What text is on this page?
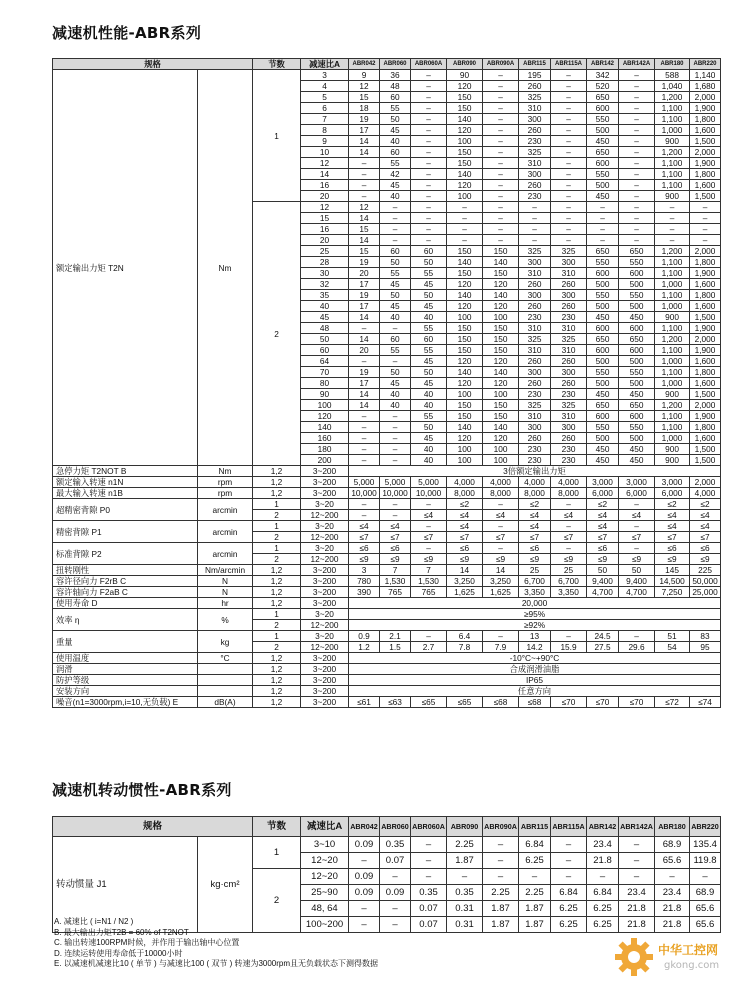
减速机性能-ABR系列
规格		节数	减速比A	ABR042	ABR060	ABR060A	ABR090	ABR090A	ABR115	ABR115A	ABR142	ABR142A	ABR180	ABR220
额定输出力矩 T2N	Nm	1	3	9	36	–	90	–	195	–	342	–	588	1,140
			4	12	48	–	120	–	260	–	520	–	1,040	1,680
			5	15	60	–	150	–	325	–	650	–	1,200	2,000
			6	18	55	–	150	–	310	–	600	–	1,100	1,900
			7	19	50	–	140	–	300	–	550	–	1,100	1,800
			8	17	45	–	120	–	260	–	500	–	1,000	1,600
			9	14	40	–	100	–	230	–	450	–	900	1,500
			10	14	60	–	150	–	325	–	650	–	1,200	2,000
			12	–	55	–	150	–	310	–	600	–	1,100	1,900
			14	–	42	–	140	–	300	–	550	–	1,100	1,800
			16	–	45	–	120	–	260	–	500	–	1,100	1,600
			20	–	40	–	100	–	230	–	450	–	900	1,500
		2	12	12	–	–	–	–	–	–	–	–	–	–
			15	14	–	–	–	–	–	–	–	–	–	–
			16	15	–	–	–	–	–	–	–	–	–	–
			20	14	–	–	–	–	–	–	–	–	–	–
			25	15	60	60	150	150	325	325	650	650	1,200	2,000
			28	19	50	50	140	140	300	300	550	550	1,100	1,800
			30	20	55	55	150	150	310	310	600	600	1,100	1,900
			32	17	45	45	120	120	260	260	500	500	1,000	1,600
			35	19	50	50	140	140	300	300	550	550	1,100	1,800
			40	17	45	45	120	120	260	260	500	500	1,000	1,600
			45	14	40	40	100	100	230	230	450	450	900	1,500
			48	–	–	55	150	150	310	310	600	600	1,100	1,900
			50	14	60	60	150	150	325	325	650	650	1,200	2,000
			60	20	55	55	150	150	310	310	600	600	1,100	1,900
			64	–	–	45	120	120	260	260	500	500	1,000	1,600
			70	19	50	50	140	140	300	300	550	550	1,100	1,800
			80	17	45	45	120	120	260	260	500	500	1,000	1,600
			90	14	40	40	100	100	230	230	450	450	900	1,500
			100	14	40	40	150	150	325	325	650	650	1,200	2,000
			120	–	–	55	150	150	310	310	600	600	1,100	1,900
			140	–	–	50	140	140	300	300	550	550	1,100	1,800
			160	–	–	45	120	120	260	260	500	500	1,000	1,600
			180	–	–	40	100	100	230	230	450	450	900	1,500
			200	–	–	40	100	100	230	230	450	450	900	1,500
急停力矩 T2NOT B	Nm	1,2	3~200	3倍额定输出力矩										
额定输入转速 n1N	rpm	1,2	3~200	5,000	5,000	5,000	4,000	4,000	4,000	4,000	3,000	3,000	3,000	2,000
最大输入转速 n1B	rpm	1,2	3~200	10,000	10,000	10,000	8,000	8,000	8,000	8,000	6,000	6,000	6,000	4,000
超精密背隙 P0	arcmin	1	3~20	–	–	–	≤2	–	≤2	–	≤2	–	≤2	≤2
		2	12~200	–	–	≤4	≤4	≤4	≤4	≤4	≤4	≤4	≤4	≤4
精密背隙 P1	arcmin	1	3~20	≤4	≤4	–	≤4	–	≤4	–	≤4	–	≤4	≤4
		2	12~200	≤7	≤7	≤7	≤7	≤7	≤7	≤7	≤7	≤7	≤7	≤7
标准背隙 P2	arcmin	1	3~20	≤6	≤6	–	≤6	–	≤6	–	≤6	–	≤6	≤6
		2	12~200	≤9	≤9	≤9	≤9	≤9	≤9	≤9	≤9	≤9	≤9	≤9
扭转刚性	Nm/arcmin	1,2	3~200	3	7	7	14	14	25	25	50	50	145	225
容许径向力 F2rB C	N	1,2	3~200	780	1,530	1,530	3,250	3,250	6,700	6,700	9,400	9,400	14,500	50,000
容许轴向力 F2aB C	N	1,2	3~200	390	765	765	1,625	1,625	3,350	3,350	4,700	4,700	7,250	25,000
使用寿命 D	hr	1,2	3~200	20,000										
效率 η	%	1	3~20	≥95%										
		2	12~200	≥92%										
重量	kg	1	3~20	0.9	2.1	–	6.4	–	13	–	24.5	–	51	83
		2	12~200	1.2	1.5	2.7	7.8	7.9	14.2	15.9	27.5	29.6	54	95
使用温度	°C	1,2	3~200	-10°C~+90°C										
润滑		1,2	3~200	合成润滑油脂										
防护等级		1,2	3~200	IP65										
安装方向		1,2	3~200	任意方向										
噪音(n1=3000rpm,i=10,无负载) E	dB(A)	1,2	3~200	≤61	≤63	≤65	≤65	≤68	≤68	≤70	≤70	≤70	≤72	≤74
减速机转动惯性-ABR系列
规格		节数	减速比A	ABR042	ABR060	ABR060A	ABR090	ABR090A	ABR115	ABR115A	ABR142	ABR142A	ABR180	ABR220
转动惯量 J1	kg·cm²	1	3~10	0.09	0.35	–	2.25	–	6.84	–	23.4	–	68.9	135.4
			12~20	–	0.07	–	1.87	–	6.25	–	21.8	–	65.6	119.8
		2	12~20	0.09	–	–	–	–	–	–	–	–	–	–
			25~90	0.09	0.09	0.35	0.35	2.25	2.25	6.84	6.84	23.4	23.4	68.9
			48, 64	–	–	0.07	0.31	1.87	1.87	6.25	6.25	21.8	21.8	65.6
			100~200	–	–	0.07	0.31	1.87	1.87	6.25	6.25	21.8	21.8	65.6
A. 减速比 ( i=N1 / N2 )
B. 最大输出力矩T2B = 60% of T2NOT
C. 输出转速100RPM时候，并作用于输出轴中心位置
D. 连续运转使用寿命低于10000小时
E. 以减速机减速比10 ( 单节 ) 与减速比100 ( 双节 ) 转速为3000rpm且无负载状态下测得数据
中华工控网
gkong.com
